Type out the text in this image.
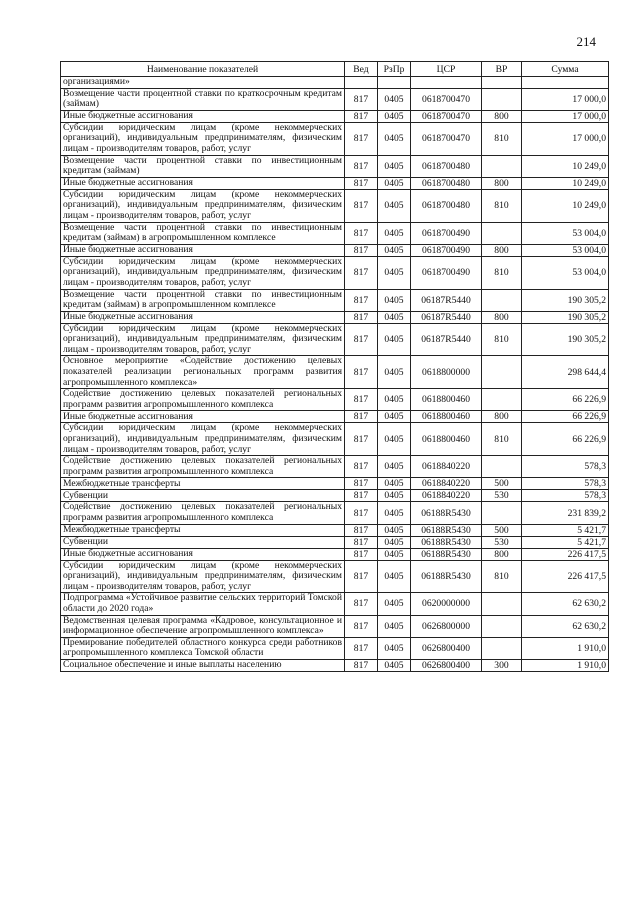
214
Наименование показателей	Вед	РзПр	ЦСР	ВР	Сумма
организациями»					
Возмещение части процентной ставки по краткосрочным кредитам (займам)	817	0405	0618700470		17 000,0
Иные бюджетные ассигнования	817	0405	0618700470	800	17 000,0
Субсидии юридическим лицам (кроме некоммерческих организаций), индивидуальным предпринимателям, физическим лицам - производителям товаров, работ, услуг	817	0405	0618700470	810	17 000,0
Возмещение части процентной ставки по инвестиционным кредитам (займам)	817	0405	0618700480		10 249,0
Иные бюджетные ассигнования	817	0405	0618700480	800	10 249,0
Субсидии юридическим лицам (кроме некоммерческих организаций), индивидуальным предпринимателям, физическим лицам - производителям товаров, работ, услуг	817	0405	0618700480	810	10 249,0
Возмещение части процентной ставки по инвестиционным кредитам (займам) в агропромышленном комплексе	817	0405	0618700490		53 004,0
Иные бюджетные ассигнования	817	0405	0618700490	800	53 004,0
Субсидии юридическим лицам (кроме некоммерческих организаций), индивидуальным предпринимателям, физическим лицам - производителям товаров, работ, услуг	817	0405	0618700490	810	53 004,0
Возмещение части процентной ставки по инвестиционным кредитам (займам) в агропромышленном комплексе	817	0405	06187R5440		190 305,2
Иные бюджетные ассигнования	817	0405	06187R5440	800	190 305,2
Субсидии юридическим лицам (кроме некоммерческих организаций), индивидуальным предпринимателям, физическим лицам - производителям товаров, работ, услуг	817	0405	06187R5440	810	190 305,2
Основное мероприятие «Содействие достижению целевых показателей реализации региональных программ развития агропромышленного комплекса»	817	0405	0618800000		298 644,4
Содействие достижению целевых показателей региональных программ развития агропромышленного комплекса	817	0405	0618800460		66 226,9
Иные бюджетные ассигнования	817	0405	0618800460	800	66 226,9
Субсидии юридическим лицам (кроме некоммерческих организаций), индивидуальным предпринимателям, физическим лицам - производителям товаров, работ, услуг	817	0405	0618800460	810	66 226,9
Содействие достижению целевых показателей региональных программ развития агропромышленного комплекса	817	0405	0618840220		578,3
Межбюджетные трансферты	817	0405	0618840220	500	578,3
Субвенции	817	0405	0618840220	530	578,3
Содействие достижению целевых показателей региональных программ развития агропромышленного комплекса	817	0405	06188R5430		231 839,2
Межбюджетные трансферты	817	0405	06188R5430	500	5 421,7
Субвенции	817	0405	06188R5430	530	5 421,7
Иные бюджетные ассигнования	817	0405	06188R5430	800	226 417,5
Субсидии юридическим лицам (кроме некоммерческих организаций), индивидуальным предпринимателям, физическим лицам - производителям товаров, работ, услуг	817	0405	06188R5430	810	226 417,5
Подпрограмма «Устойчивое развитие сельских территорий Томской области до 2020 года»	817	0405	0620000000		62 630,2
Ведомственная целевая программа «Кадровое, консультационное и информационное обеспечение агропромышленного комплекса»	817	0405	0626800000		62 630,2
Премирование победителей областного конкурса среди работников агропромышленного комплекса Томской области	817	0405	0626800400		1 910,0
Социальное обеспечение и иные выплаты населению	817	0405	0626800400	300	1 910,0
